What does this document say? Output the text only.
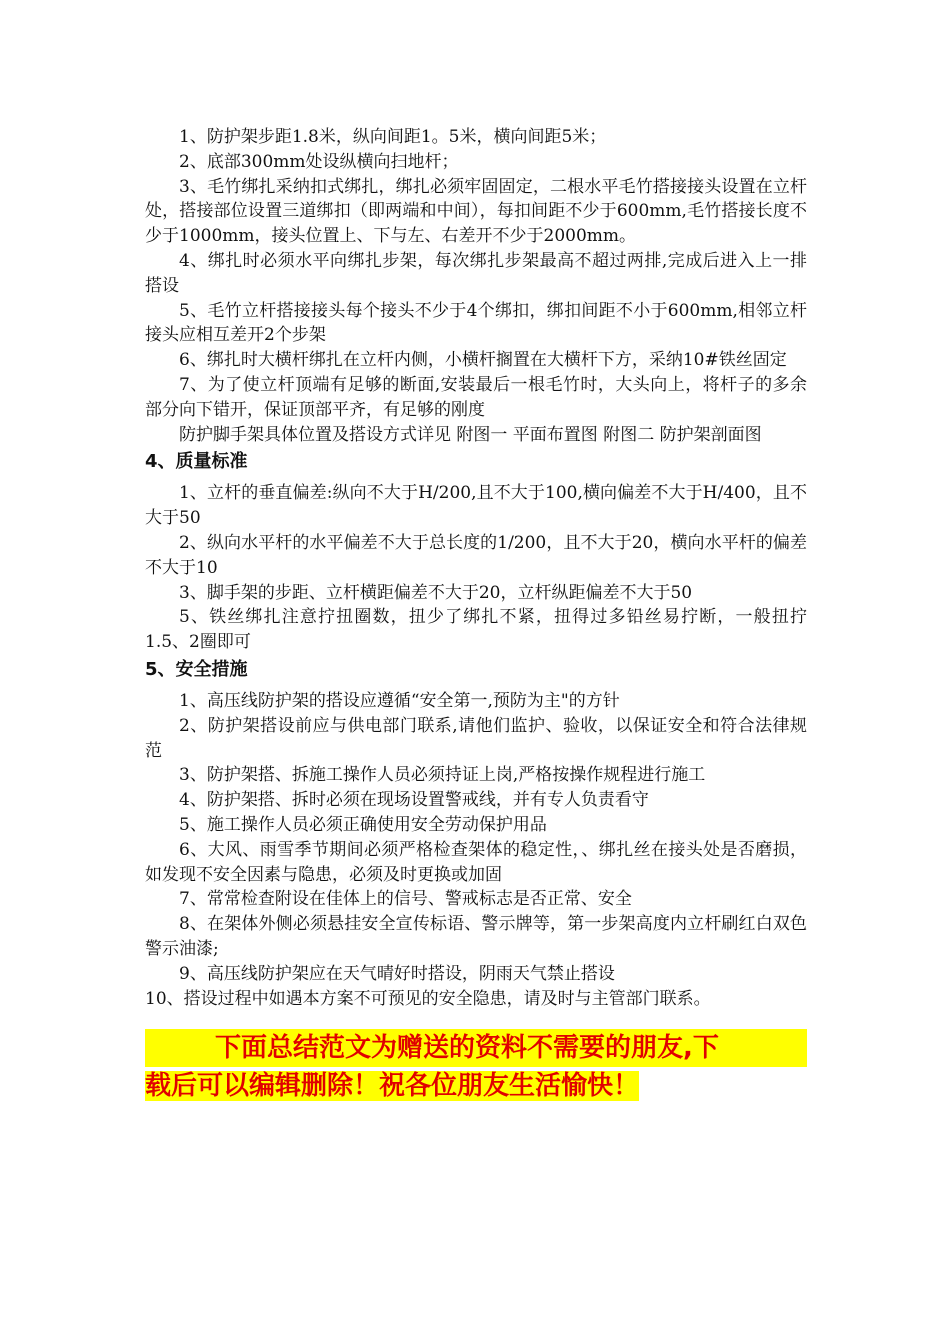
1、防护架步距1.8米，纵向间距1。5米，横向间距5米；

2、底部300mm处设纵横向扫地杆；

3、毛竹绑扎采纳扣式绑扎，绑扎必须牢固固定，二根水平毛竹搭接接头设置在立杆处，搭接部位设置三道绑扣（即两端和中间），每扣间距不少于600mm,毛竹搭接长度不少于1000mm，接头位置上、下与左、右差开不少于2000mm。

4、绑扎时必须水平向绑扎步架，每次绑扎步架最高不超过两排,完成后进入上一排搭设

5、毛竹立杆搭接接头每个接头不少于4个绑扣，绑扣间距不小于600mm,相邻立杆接头应相互差开2个步架

6、绑扎时大横杆绑扎在立杆内侧，小横杆搁置在大横杆下方，采纳10#铁丝固定

7、为了使立杆顶端有足够的断面,安装最后一根毛竹时，大头向上，将杆子的多余部分向下错开，保证顶部平齐，有足够的刚度

防护脚手架具体位置及搭设方式详见 附图一 平面布置图 附图二 防护架剖面图

4、质量标准

1、立杆的垂直偏差:纵向不大于H/200,且不大于100,横向偏差不大于H/400，且不大于50

2、纵向水平杆的水平偏差不大于总长度的1/200，且不大于20，横向水平杆的偏差不大于10

3、脚手架的步距、立杆横距偏差不大于20，立杆纵距偏差不大于50

5、铁丝绑扎注意拧扭圈数，扭少了绑扎不紧，扭得过多铅丝易拧断，一般扭拧1.5、2圈即可

5、安全措施

1、高压线防护架的搭设应遵循“安全第一,预防为主"的方针

2、防护架搭设前应与供电部门联系,请他们监护、验收，以保证安全和符合法律规范

3、防护架搭、拆施工操作人员必须持证上岗,严格按操作规程进行施工

4、防护架搭、拆时必须在现场设置警戒线，并有专人负责看守

5、施工操作人员必须正确使用安全劳动保护用品

6、大风、雨雪季节期间必须严格检查架体的稳定性，、绑扎丝在接头处是否磨损，如发现不安全因素与隐患，必须及时更换或加固

7、常常检查附设在佳体上的信号、警戒标志是否正常、安全

8、在架体外侧必须悬挂安全宣传标语、警示牌等，第一步架高度内立杆刷红白双色警示油漆;

9、高压线防护架应在天气晴好时搭设，阴雨天气禁止搭设

10、搭设过程中如遇本方案不可预见的安全隐患，请及时与主管部门联系。

下面总结范文为赠送的资料不需要的朋友,下
载后可以编辑删除！祝各位朋友生活愉快！
